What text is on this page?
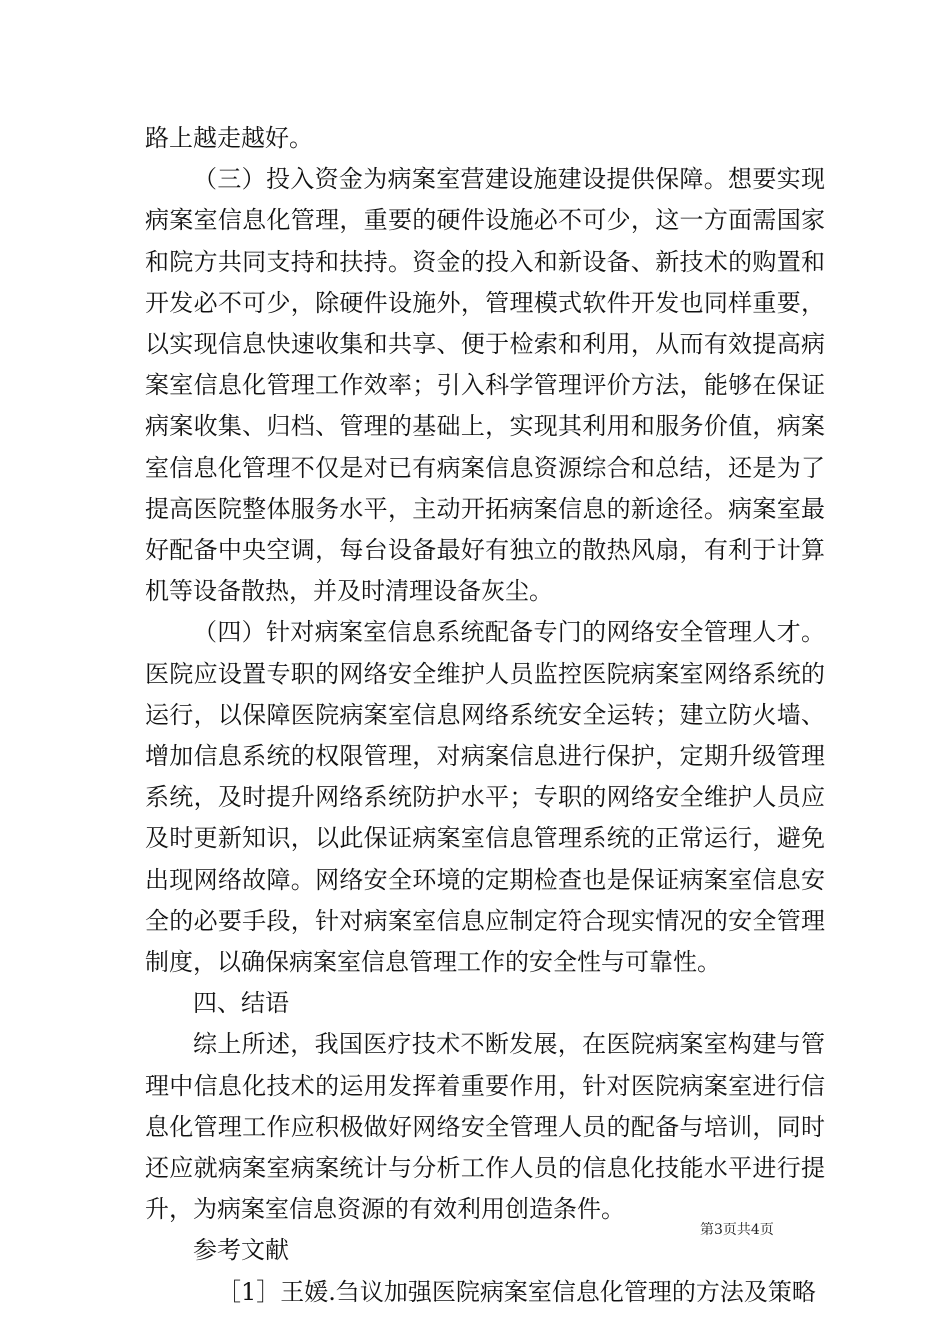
路上越走越好。

（三）投入资金为病案室营建设施建设提供保障。想要实现病案室信息化管理，重要的硬件设施必不可少，这一方面需国家和院方共同支持和扶持。资金的投入和新设备、新技术的购置和开发必不可少，除硬件设施外，管理模式软件开发也同样重要，以实现信息快速收集和共享、便于检索和利用，从而有效提高病案室信息化管理工作效率；引入科学管理评价方法，能够在保证病案收集、归档、管理的基础上，实现其利用和服务价值，病案室信息化管理不仅是对已有病案信息资源综合和总结，还是为了提高医院整体服务水平，主动开拓病案信息的新途径。病案室最好配备中央空调，每台设备最好有独立的散热风扇，有利于计算机等设备散热，并及时清理设备灰尘。

（四）针对病案室信息系统配备专门的网络安全管理人才。医院应设置专职的网络安全维护人员监控医院病案室网络系统的运行，以保障医院病案室信息网络系统安全运转；建立防火墙、增加信息系统的权限管理，对病案信息进行保护，定期升级管理系统，及时提升网络系统防护水平；专职的网络安全维护人员应及时更新知识，以此保证病案室信息管理系统的正常运行，避免出现网络故障。网络安全环境的定期检查也是保证病案室信息安全的必要手段，针对病案室信息应制定符合现实情况的安全管理制度，以确保病案室信息管理工作的安全性与可靠性。

四、结语

综上所述，我国医疗技术不断发展，在医院病案室构建与管理中信息化技术的运用发挥着重要作用，针对医院病案室进行信息化管理工作应积极做好网络安全管理人员的配备与培训，同时还应就病案室病案统计与分析工作人员的信息化技能水平进行提升，为病案室信息资源的有效利用创造条件。

参考文献

［1］王媛.刍议加强医院病案室信息化管理的方法及策略

第3页共4页
